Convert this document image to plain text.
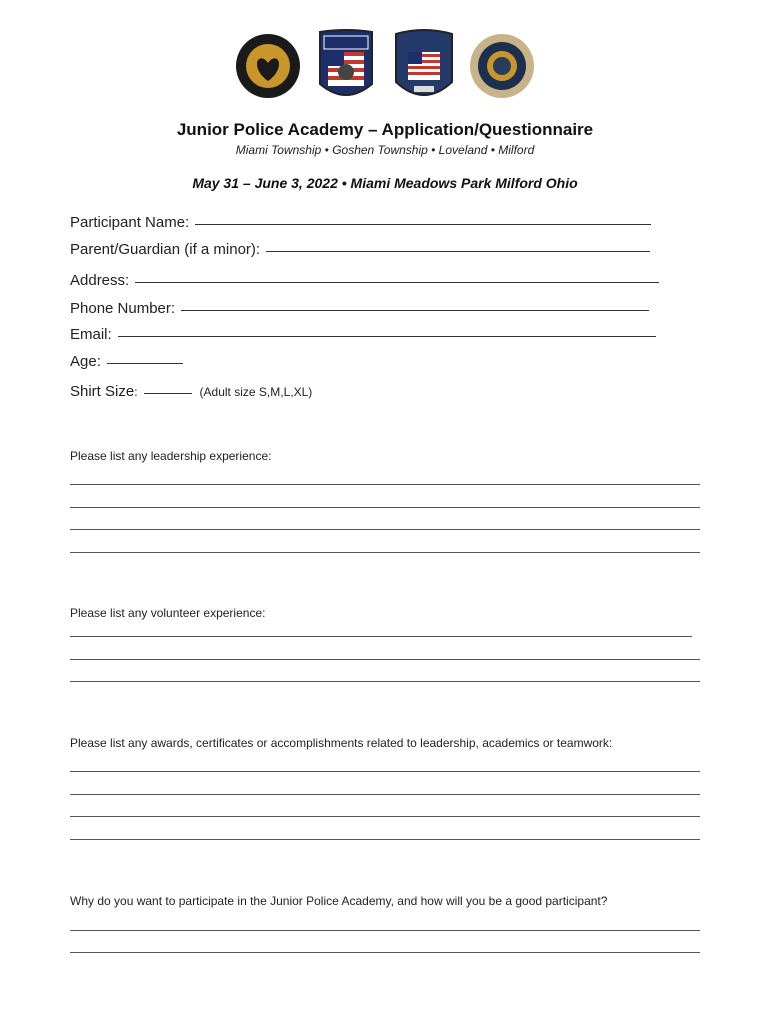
Junior Police Academy – Application/Questionnaire
Miami Township • Goshen Township • Loveland • Milford
May 31 – June 3, 2022 • Miami Meadows Park Milford Ohio
Participant Name:
Parent/Guardian (if a minor):
Address:
Phone Number:
Email:
Age:
Shirt Size :	(Adult size S,M,L,XL)
Please list any leadership experience:
Please list any volunteer experience:
Please list any awards, certificates or accomplishments related to leadership, academics or teamwork:
Why do you want to participate in the Junior Police Academy, and how will you be a good participant?
